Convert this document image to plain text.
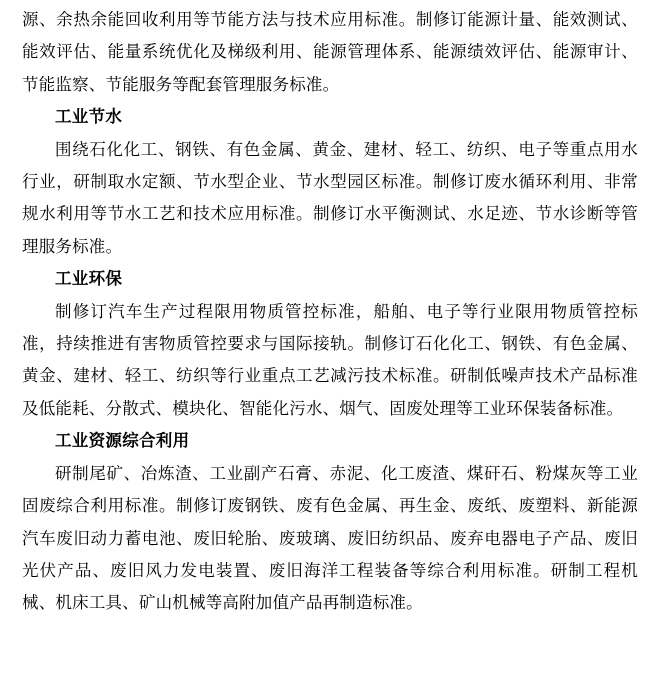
源、余热余能回收利用等节能方法与技术应用标准。制修订能源计量、能效测试、能效评估、能量系统优化及梯级利用、能源管理体系、能源绩效评估、能源审计、节能监察、节能服务等配套管理服务标准。

工业节水

围绕石化化工、钢铁、有色金属、黄金、建材、轻工、纺织、电子等重点用水行业，研制取水定额、节水型企业、节水型园区标准。制修订废水循环利用、非常规水利用等节水工艺和技术应用标准。制修订水平衡测试、水足迹、节水诊断等管理服务标准。

工业环保

制修订汽车生产过程限用物质管控标准，船舶、电子等行业限用物质管控标准，持续推进有害物质管控要求与国际接轨。制修订石化化工、钢铁、有色金属、黄金、建材、轻工、纺织等行业重点工艺减污技术标准。研制低噪声技术产品标准及低能耗、分散式、模块化、智能化污水、烟气、固废处理等工业环保装备标准。

工业资源综合利用

研制尾矿、冶炼渣、工业副产石膏、赤泥、化工废渣、煤矸石、粉煤灰等工业固废综合利用标准。制修订废钢铁、废有色金属、再生金、废纸、废塑料、新能源汽车废旧动力蓄电池、废旧轮胎、废玻璃、废旧纺织品、废弃电器电子产品、废旧光伏产品、废旧风力发电装置、废旧海洋工程装备等综合利用标准。研制工程机械、机床工具、矿山机械等高附加值产品再制造标准。
